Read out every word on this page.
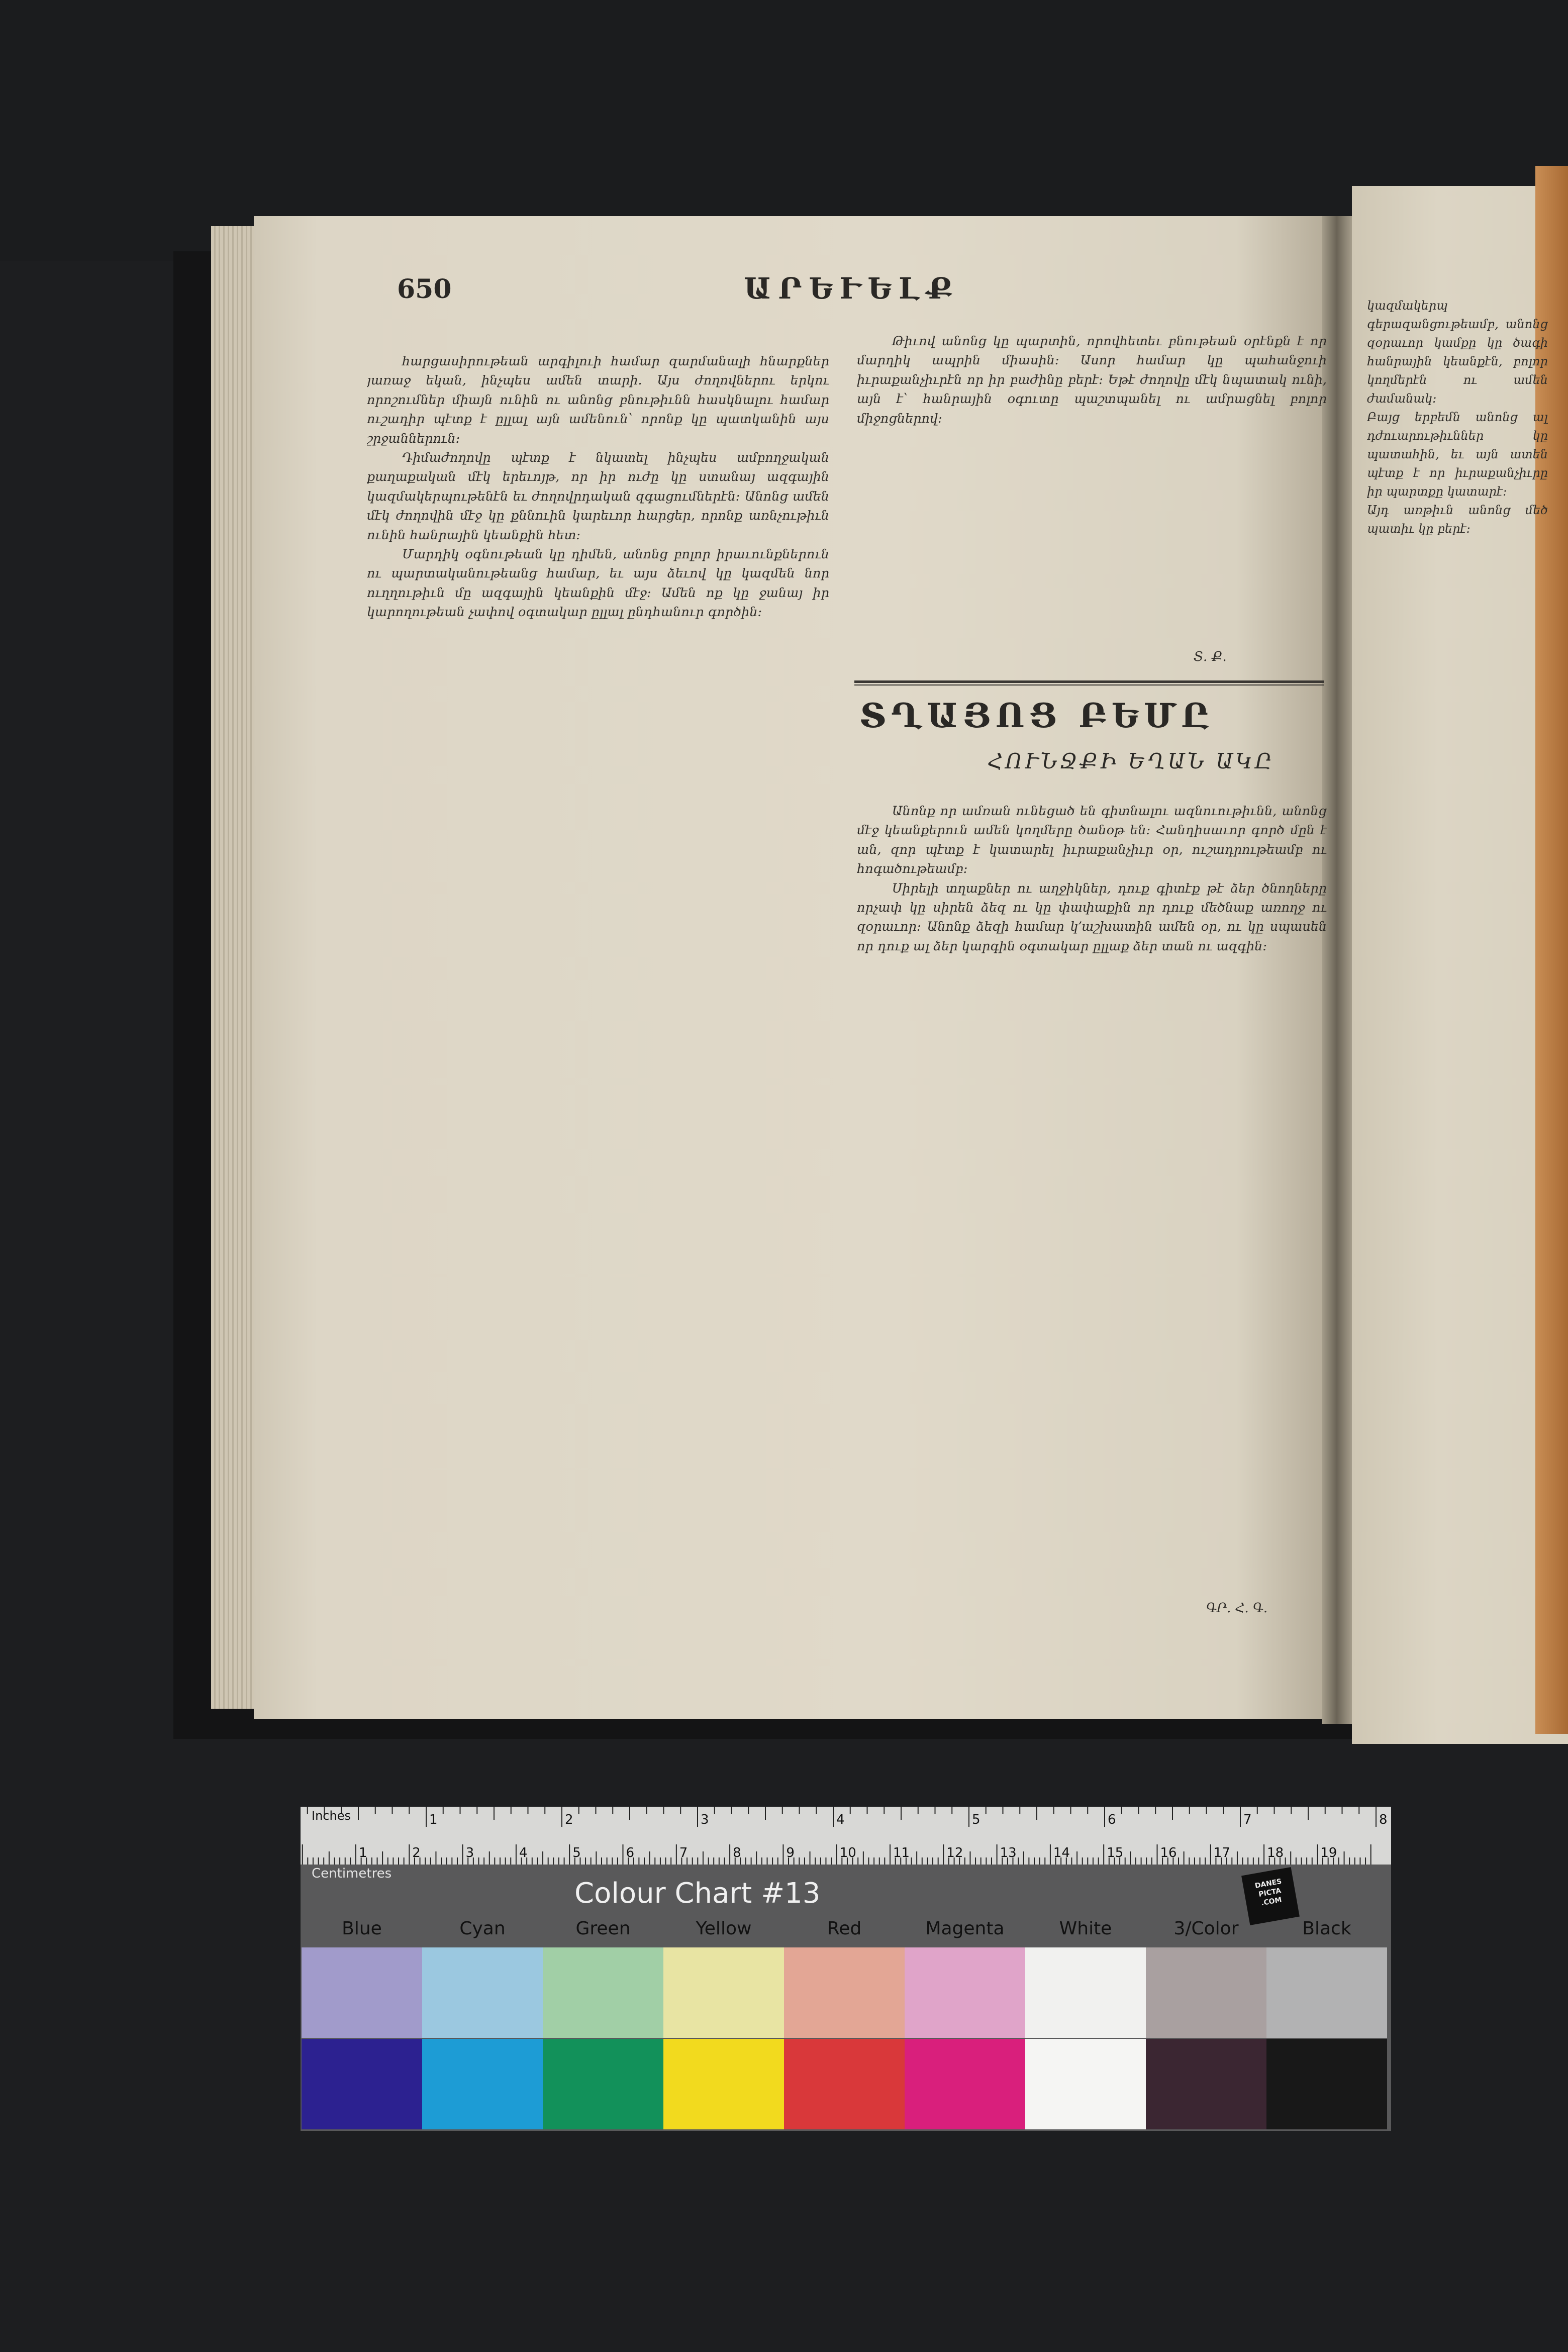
650	ԱՐԵՒԵԼՔ

հարցասիրութեան արգիլուի համար զարմանալի հնարքներ յառաջ եկան, ինչպես ամեն տարի. Այս ժողովներու երկու որոշումներ միայն ունին ու անոնց բնութիւնն հասկնալու համար ուշադիր պէտք է ըլլալ այն ամենուն՝ որոնք կը պատկանին այս շրջաններուն։

Դիմաժողովը պէտք է նկատել ինչպես ամբողջական քաղաքական մէկ երեւոյթ, որ իր ուժը կը ստանայ ազգային կազմակերպութենէն եւ ժողովրդական զգացումներէն։ Անոնց ամեն մէկ ժողովին մէջ կը քննուին կարեւոր հարցեր, որոնք առնչութիւն ունին հանրային կեանքին հետ։

Մարդիկ օգնութեան կը դիմեն, անոնց բոլոր իրաւունքներուն ու պարտականութեանց համար, եւ այս ձեւով կը կազմեն նոր ուղղութիւն մը ազգային կեանքին մէջ։ Ամեն ոք կը ջանայ իր կարողութեան չափով օգտակար ըլլալ ընդհանուր գործին։

Թիւով անոնց կը պարտին, որովհետեւ բնութեան օրէնքն է որ մարդիկ ապրին միասին։ Ասոր համար կը պահանջուի իւրաքանչիւրէն որ իր բաժինը բերէ։ Եթէ ժողովը մէկ նպատակ ունի, այն է՝ հանրային օգուտը պաշտպանել ու ամրացնել բոլոր միջոցներով։

Տ. Ք.
ՏՂԱՅՈՑ ԲԵՄԸ
ՀՈՒՆՋՔԻ ԵՂԱՆ ԱԿԸ

Անոնք որ ամռան ունեցած են գիտնալու ազնուութիւնն, անոնց մէջ կեանքերուն ամեն կողմերը ծանօթ են։ Հանդիսաւոր գործ մըն է ան, զոր պէտք է կատարել իւրաքանչիւր օր, ուշադրութեամբ ու հոգածութեամբ։

Սիրելի տղաքներ ու աղջիկներ, դուք գիտէք թէ ձեր ծնողները որչափ կը սիրեն ձեզ ու կը փափաքին որ դուք մեծնաք առողջ ու զօրաւոր։ Անոնք ձեզի համար կ՚աշխատին ամեն օր, ու կը սպասեն որ դուք ալ ձեր կարգին օգտակար ըլլաք ձեր տան ու ազգին։

ԳՐ. Հ. Գ.

կազմակերպ գերազանցութեամբ, անոնց զօրաւոր կամքը կը ծագի հանրային կեանքէն, բոլոր կողմերէն ու ամեն ժամանակ։

Բայց երբեմն անոնց ալ դժուարութիւններ կը պատահին, եւ այն ատեն պէտք է որ իւրաքանչիւրը իր պարտքը կատարէ։

Այդ առթիւն անոնց մեծ պատիւ կը բերէ։

1	2	3	4	5	6	7	8
1	2	3	4	5	6	7	8	9	10	11	12	13	14	15	16	17	18	19
Inches
Centimetres
Colour Chart #13	DANES
PICTA
.COM
Blue	Cyan	Green	Yellow	Red	Magenta	White	3/Color	Black
